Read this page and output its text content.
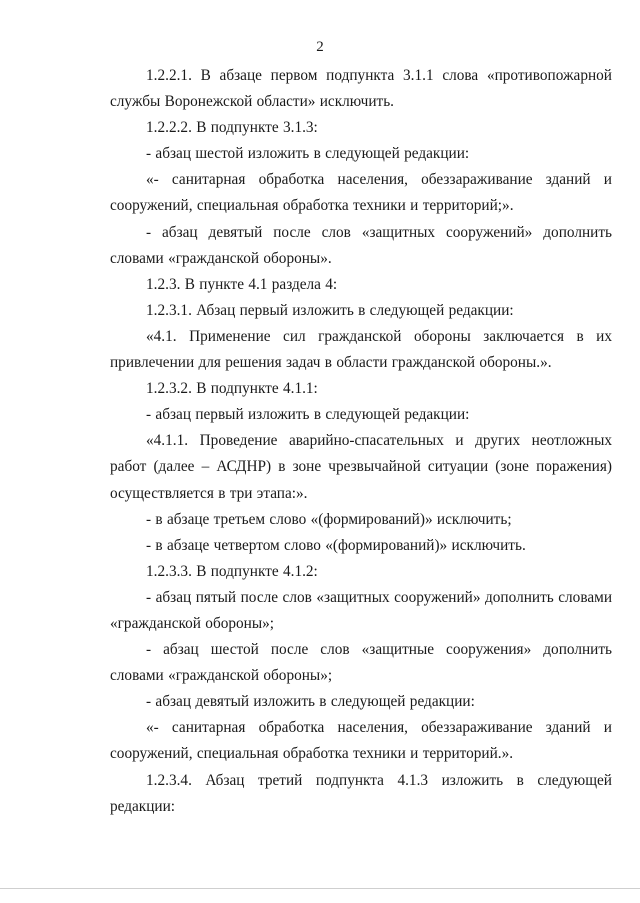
2

1.2.2.1. В абзаце первом подпункта 3.1.1 слова «противопожарной службы Воронежской области» исключить.

1.2.2.2. В подпункте 3.1.3:

- абзац шестой изложить в следующей редакции:

«- санитарная обработка населения, обеззараживание зданий и сооружений, специальная обработка техники и территорий;».

- абзац девятый после слов «защитных сооружений» дополнить словами «гражданской обороны».

1.2.3. В пункте 4.1 раздела 4:

1.2.3.1. Абзац первый изложить в следующей редакции:

«4.1. Применение сил гражданской обороны заключается в их привлечении для решения задач в области гражданской обороны.».

1.2.3.2. В подпункте 4.1.1:

- абзац первый изложить в следующей редакции:

«4.1.1. Проведение аварийно-спасательных и других неотложных работ (далее – АСДНР) в зоне чрезвычайной ситуации (зоне поражения) осуществляется в три этапа:».

- в абзаце третьем слово «(формирований)» исключить;

- в абзаце четвертом слово «(формирований)» исключить.

1.2.3.3. В подпункте 4.1.2:

- абзац пятый после слов «защитных сооружений» дополнить словами «гражданской обороны»;

- абзац шестой после слов «защитные сооружения» дополнить словами «гражданской обороны»;

- абзац девятый изложить в следующей редакции:

«- санитарная обработка населения, обеззараживание зданий и сооружений, специальная обработка техники и территорий.».

1.2.3.4. Абзац третий подпункта 4.1.3 изложить в следующей редакции:
